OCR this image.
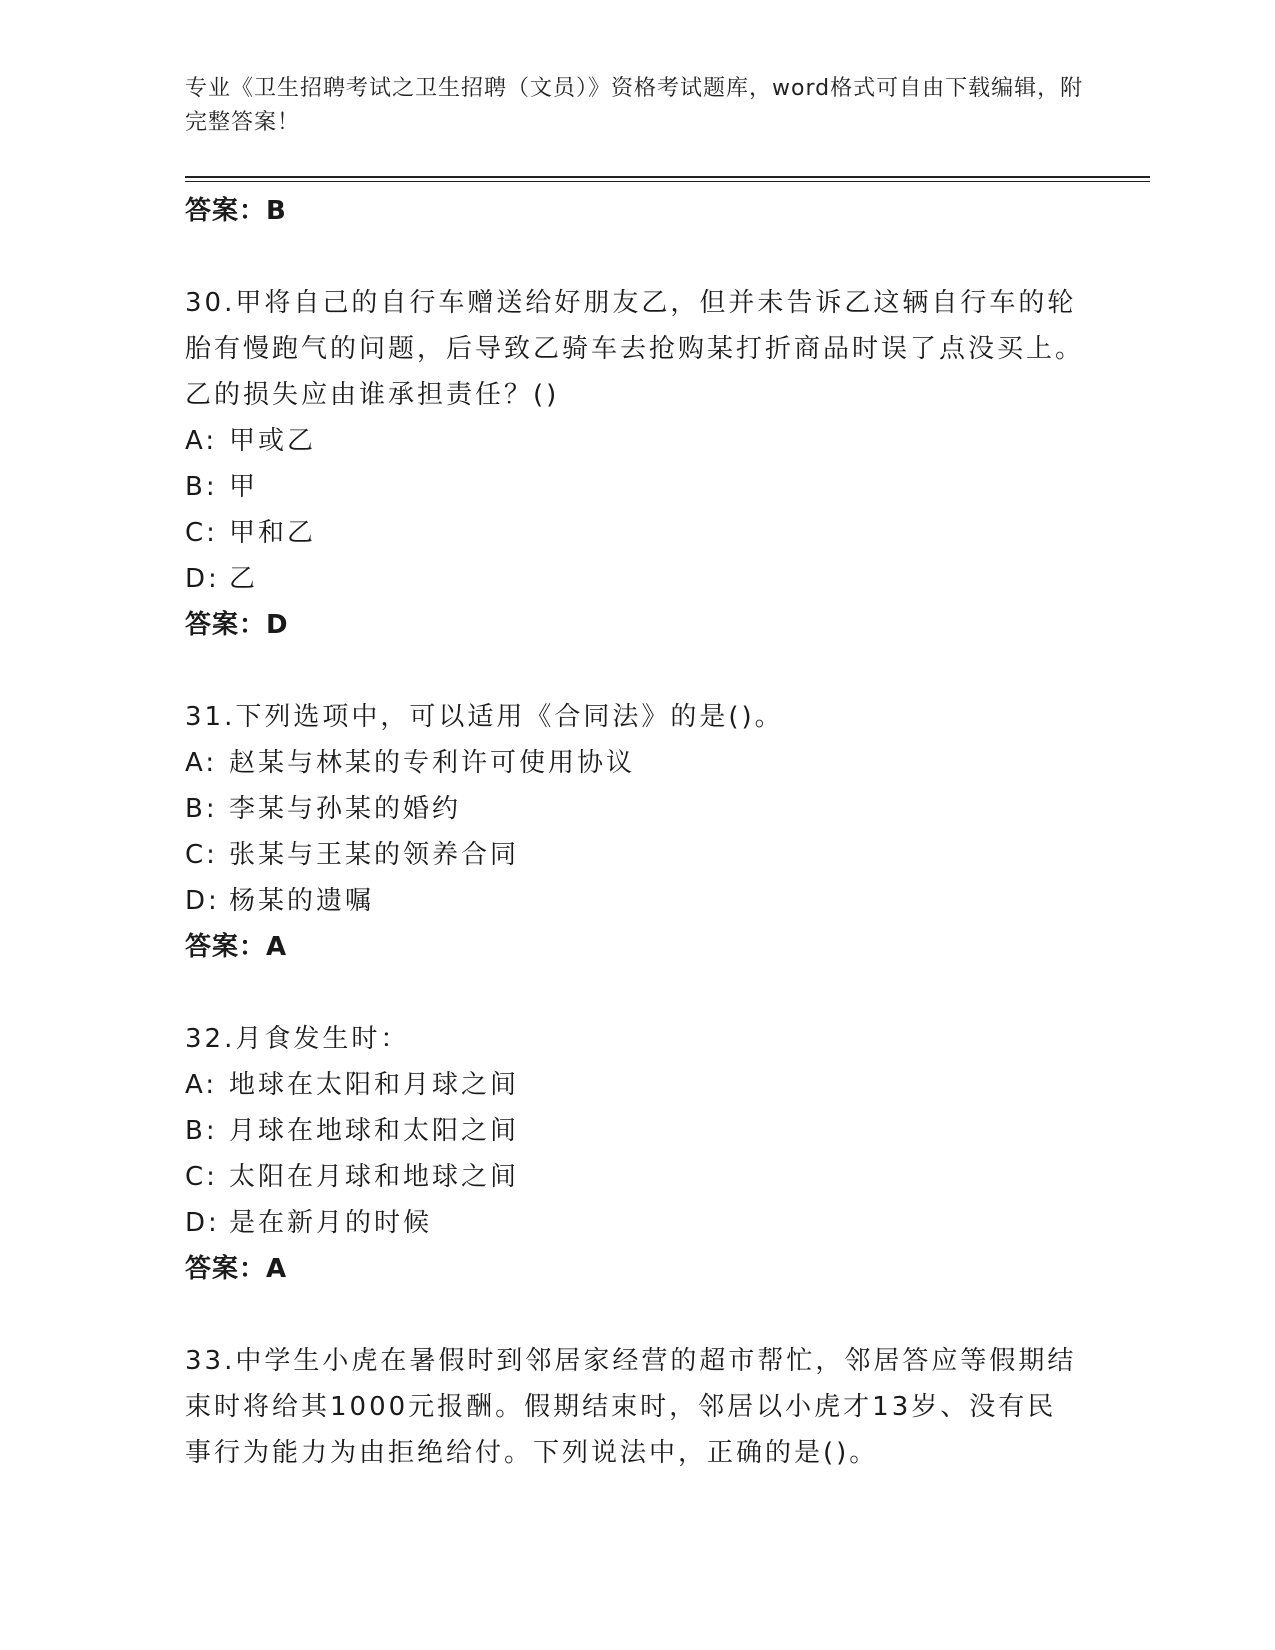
专业《卫生招聘考试之卫生招聘（文员）》资格考试题库，word格式可自由下载编辑，附完整答案！

答案：B

30.甲将自己的自行车赠送给好朋友乙，但并未告诉乙这辆自行车的轮胎有慢跑气的问题，后导致乙骑车去抢购某打折商品时误了点没买上。乙的损失应由谁承担责任？()

A: 甲或乙

B: 甲

C: 甲和乙

D: 乙

答案：D

31.下列选项中，可以适用《合同法》的是()。

A: 赵某与林某的专利许可使用协议

B: 李某与孙某的婚约

C: 张某与王某的领养合同

D: 杨某的遗嘱

答案：A

32.月食发生时：

A: 地球在太阳和月球之间

B: 月球在地球和太阳之间

C: 太阳在月球和地球之间

D: 是在新月的时候

答案：A

33.中学生小虎在暑假时到邻居家经营的超市帮忙，邻居答应等假期结束时将给其1000元报酬。假期结束时，邻居以小虎才13岁、没有民事行为能力为由拒绝给付。下列说法中，正确的是()。
